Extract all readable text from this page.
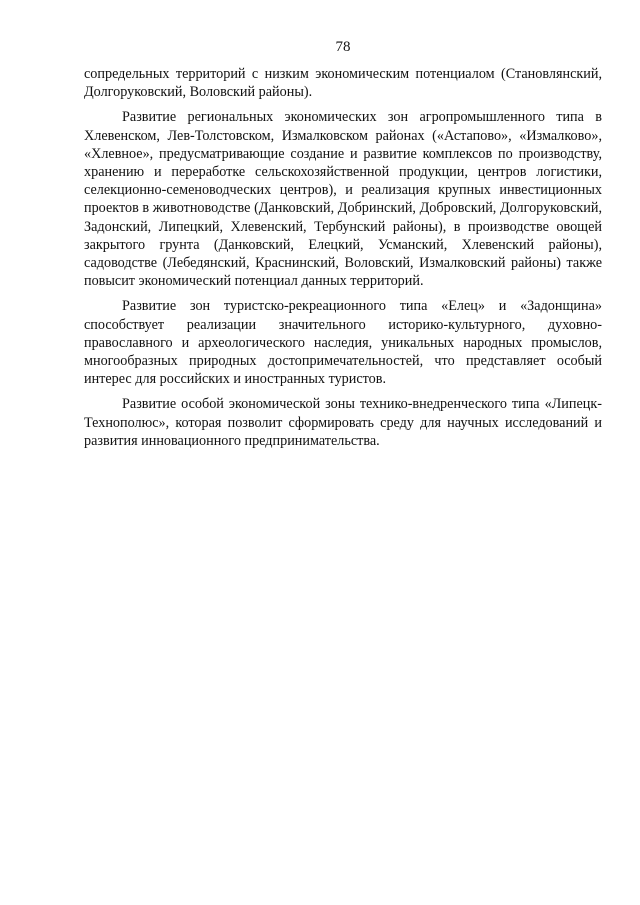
78

сопредельных территорий с низким экономическим потенциалом (Становлянский, Долгоруковский, Воловский районы).

Развитие региональных экономических зон агропромышленного типа в Хлевенском, Лев-Толстовском, Измалковском районах («Астапово», «Измалково», «Хлевное», предусматривающие создание и развитие комплексов по производству, хранению и переработке сельскохозяйственной продукции, центров логистики, селекционно-семеноводческих центров), и реализация крупных инвестиционных проектов в животноводстве (Данковский, Добринский, Добровский, Долгоруковский, Задонский, Липецкий, Хлевенский, Тербунский районы), в производстве овощей закрытого грунта (Данковский, Елецкий, Усманский, Хлевенский районы), садоводстве (Лебедянский, Краснинский, Воловский, Измалковский районы) также повысит экономический потенциал данных территорий.

Развитие зон туристско-рекреационного типа «Елец» и «Задонщина» способствует реализации значительного историко-культурного, духовно-православного и археологического наследия, уникальных народных промыслов, многообразных природных достопримечательностей, что представляет особый интерес для российских и иностранных туристов.

Развитие особой экономической зоны технико-внедренческого типа «Липецк-Технополюс», которая позволит сформировать среду для научных исследований и развития инновационного предпринимательства.
